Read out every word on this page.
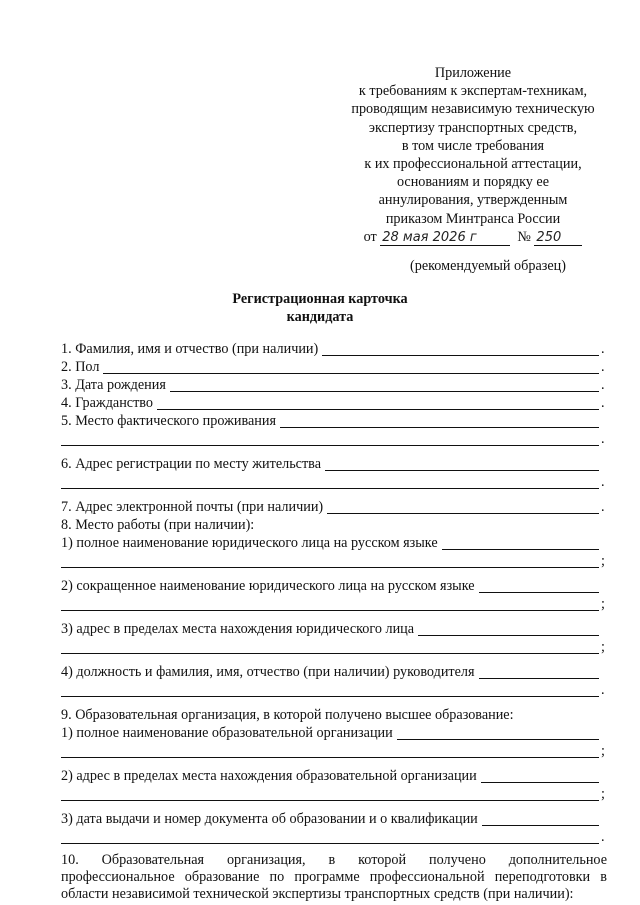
Приложение
к требованиям к экспертам-техникам,
проводящим независимую техническую
экспертизу транспортных средств,
в том числе требования
к их профессиональной аттестации,
основаниям и порядку ее
аннулирования, утвержденным
приказом Минтранса России
от 28 мая 2026 г	№ 250
(рекомендуемый образец)
Регистрационная карточка
кандидата
1. Фамилия, имя и отчество (при наличии)	.
2. Пол	.
3. Дата рождения	.
4. Гражданство	.
5. Место фактического проживания
.
6. Адрес регистрации по месту жительства
.
7. Адрес электронной почты (при наличии)	.
8. Место работы (при наличии):
1) полное наименование юридического лица на русском языке
;
2) сокращенное наименование юридического лица на русском языке
;
3) адрес в пределах места нахождения юридического лица
;
4) должность и фамилия, имя, отчество (при наличии) руководителя
.
9. Образовательная организация, в которой получено высшее образование:
1) полное наименование образовательной организации
;
2) адрес в пределах места нахождения образовательной организации
;
3) дата выдачи и номер документа об образовании и о квалификации
.
10. Образовательная организация, в которой получено дополнительное профессиональное образование по программе профессиональной переподготовки в области независимой технической экспертизы транспортных средств (при наличии):
